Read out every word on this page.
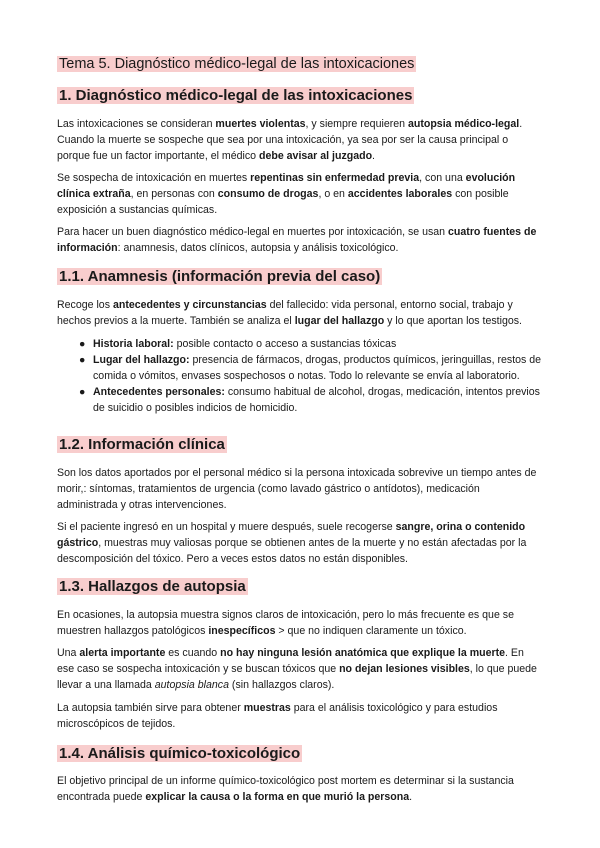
Tema 5. Diagnóstico médico-legal de las intoxicaciones
1. Diagnóstico médico-legal de las intoxicaciones

Las intoxicaciones se consideran muertes violentas, y siempre requieren autopsia médico-legal. Cuando la muerte se sospeche que sea por una intoxicación, ya sea por ser la causa principal o porque fue un factor importante, el médico debe avisar al juzgado.

Se sospecha de intoxicación en muertes repentinas sin enfermedad previa, con una evolución clínica extraña, en personas con consumo de drogas, o en accidentes laborales con posible exposición a sustancias químicas.

Para hacer un buen diagnóstico médico-legal en muertes por intoxicación, se usan cuatro fuentes de información: anamnesis, datos clínicos, autopsia y análisis toxicológico.

1.1. Anamnesis (información previa del caso)

Recoge los antecedentes y circunstancias del fallecido: vida personal, entorno social, trabajo y hechos previos a la muerte. También se analiza el lugar del hallazgo y lo que aportan los testigos.

● Historia laboral: posible contacto o acceso a sustancias tóxicas
● Lugar del hallazgo: presencia de fármacos, drogas, productos químicos, jeringuillas, restos de comida o vómitos, envases sospechosos o notas. Todo lo relevante se envía al laboratorio.
● Antecedentes personales: consumo habitual de alcohol, drogas, medicación, intentos previos de suicidio o posibles indicios de homicidio.
1.2. Información clínica

Son los datos aportados por el personal médico si la persona intoxicada sobrevive un tiempo antes de morir,: síntomas, tratamientos de urgencia (como lavado gástrico o antídotos), medicación administrada y otras intervenciones.

Si el paciente ingresó en un hospital y muere después, suele recogerse sangre, orina o contenido gástrico, muestras muy valiosas porque se obtienen antes de la muerte y no están afectadas por la descomposición del tóxico. Pero a veces estos datos no están disponibles.

1.3. Hallazgos de autopsia

En ocasiones, la autopsia muestra signos claros de intoxicación, pero lo más frecuente es que se muestren hallazgos patológicos inespecíficos > que no indiquen claramente un tóxico.

Una alerta importante es cuando no hay ninguna lesión anatómica que explique la muerte. En ese caso se sospecha intoxicación y se buscan tóxicos que no dejan lesiones visibles, lo que puede llevar a una llamada autopsia blanca (sin hallazgos claros).

La autopsia también sirve para obtener muestras para el análisis toxicológico y para estudios microscópicos de tejidos.

1.4. Análisis químico-toxicológico

El objetivo principal de un informe químico-toxicológico post mortem es determinar si la sustancia encontrada puede explicar la causa o la forma en que murió la persona.
